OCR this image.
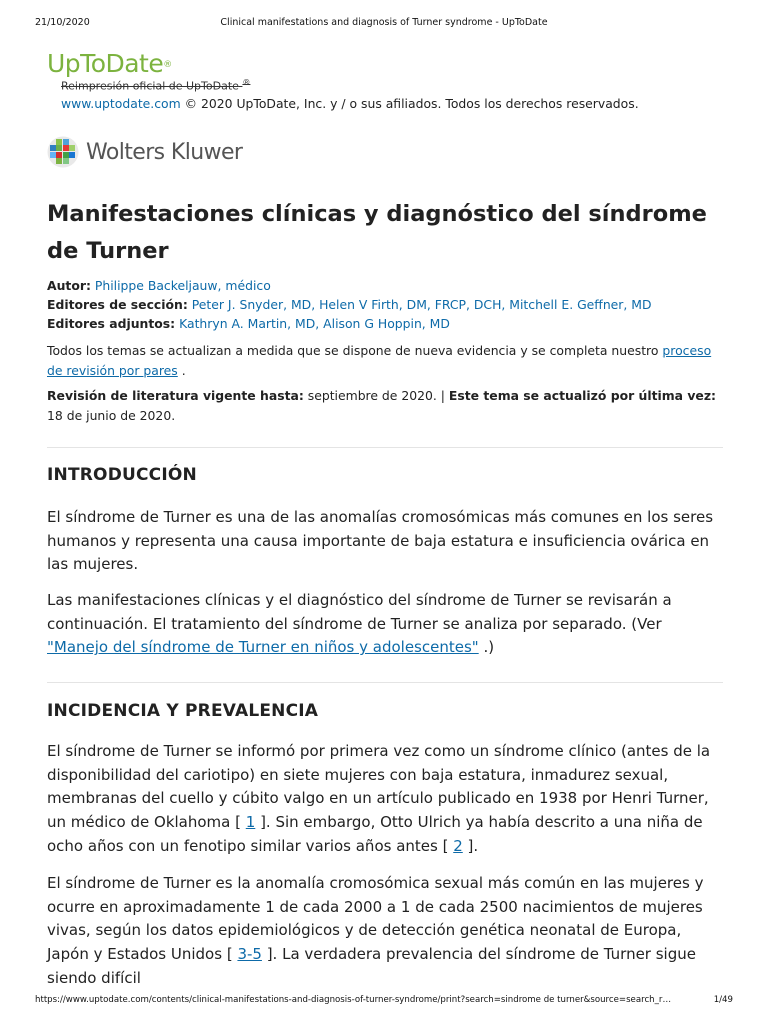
21/10/2020	Clinical manifestations and diagnosis of Turner syndrome - UpToDate
UpToDate®
Reimpresión oficial de UpToDate ®
www.uptodate.com © 2020 UpToDate, Inc. y / o sus afiliados. Todos los derechos reservados.
Wolters Kluwer
Manifestaciones clínicas y diagnóstico del síndrome de Turner
Autor: Philippe Backeljauw, médico
Editores de sección: Peter J. Snyder, MD, Helen V Firth, DM, FRCP, DCH, Mitchell E. Geffner, MD
Editores adjuntos: Kathryn A. Martin, MD, Alison G Hoppin, MD

Todos los temas se actualizan a medida que se dispone de nueva evidencia y se completa nuestro proceso de revisión por pares .

Revisión de literatura vigente hasta: septiembre de 2020. | Este tema se actualizó por última vez: 18 de junio de 2020.

INTRODUCCIÓN

El síndrome de Turner es una de las anomalías cromosómicas más comunes en los seres humanos y representa una causa importante de baja estatura e insuficiencia ovárica en las mujeres.

Las manifestaciones clínicas y el diagnóstico del síndrome de Turner se revisarán a continuación. El tratamiento del síndrome de Turner se analiza por separado. (Ver "Manejo del síndrome de Turner en niños y adolescentes" .)

INCIDENCIA Y PREVALENCIA

El síndrome de Turner se informó por primera vez como un síndrome clínico (antes de la disponibilidad del cariotipo) en siete mujeres con baja estatura, inmadurez sexual, membranas del cuello y cúbito valgo en un artículo publicado en 1938 por Henri Turner, un médico de Oklahoma [ 1 ]. Sin embargo, Otto Ulrich ya había descrito a una niña de ocho años con un fenotipo similar varios años antes [ 2 ].

El síndrome de Turner es la anomalía cromosómica sexual más común en las mujeres y ocurre en aproximadamente 1 de cada 2000 a 1 de cada 2500 nacimientos de mujeres vivas, según los datos epidemiológicos y de detección genética neonatal de Europa, Japón y Estados Unidos [ 3-5 ]. La verdadera prevalencia del síndrome de Turner sigue siendo difícil

https://www.uptodate.com/contents/clinical-manifestations-and-diagnosis-of-turner-syndrome/print?search=sindrome de turner&source=search_r…	1/49
